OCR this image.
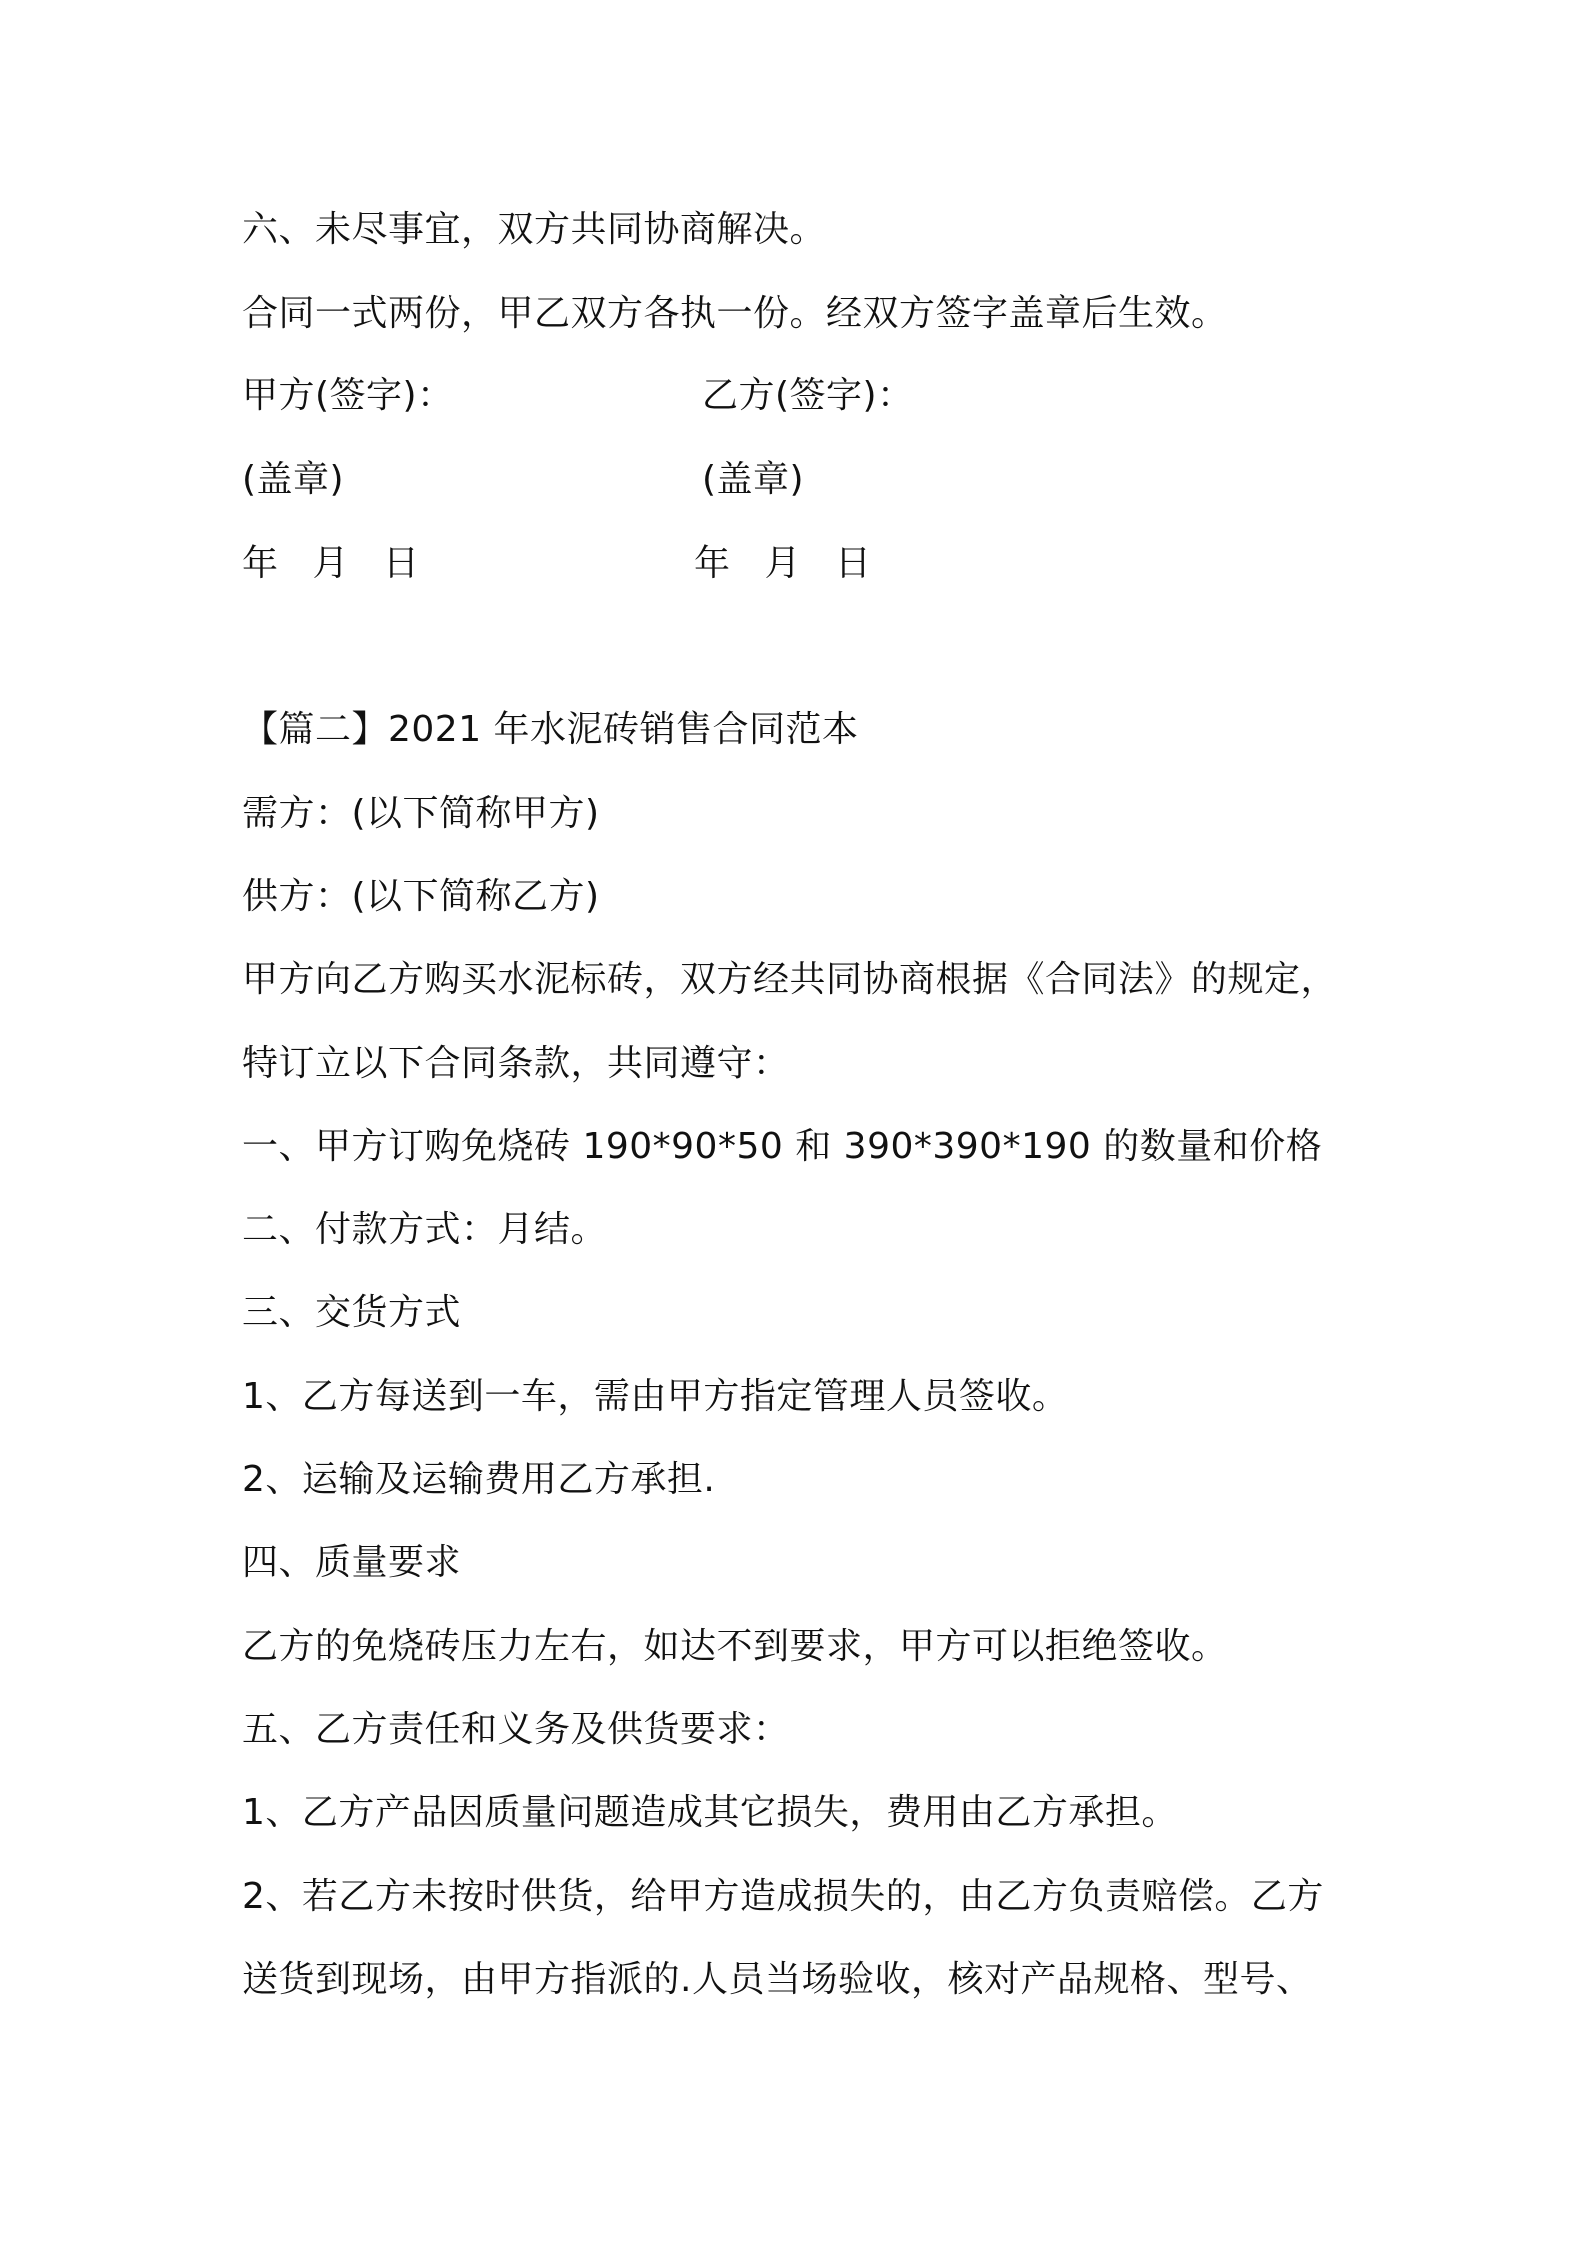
六、未尽事宜，双方共同协商解决。
合同一式两份，甲乙双方各执一份。经双方签字盖章后生效。
甲方(签字)：	乙方(签字)：
(盖章)	(盖章)
年 月 日	年 月 日
【篇二】2021 年水泥砖销售合同范本
需方：(以下简称甲方)
供方：(以下简称乙方)
甲方向乙方购买水泥标砖，双方经共同协商根据《合同法》的规定，
特订立以下合同条款，共同遵守：
一、甲方订购免烧砖 190*90*50 和 390*390*190 的数量和价格
二、付款方式：月结。
三、交货方式
1、乙方每送到一车，需由甲方指定管理人员签收。
2、运输及运输费用乙方承担.
四、质量要求
乙方的免烧砖压力左右，如达不到要求，甲方可以拒绝签收。
五、乙方责任和义务及供货要求：
1、乙方产品因质量问题造成其它损失，费用由乙方承担。
2、若乙方未按时供货，给甲方造成损失的，由乙方负责赔偿。乙方
送货到现场，由甲方指派的.人员当场验收，核对产品规格、型号、
